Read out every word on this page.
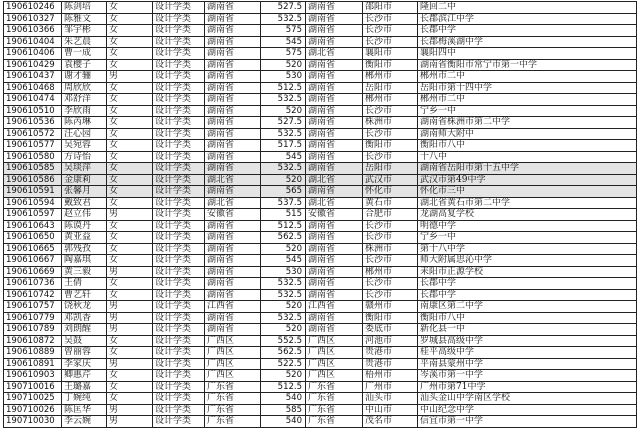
190610246	陈剑培	女	设计学类	湖南省	527.5	湖南省	邵阳市	隆回二中
190610327	陈雅文	女	设计学类	湖南省	532.5	湖南省	长沙市	长郡滨江中学
190610366	邹宇彬	女	设计学类	湖南省	575	湖南省	长沙市	长郡中学
190610404	朱艺晨	女	设计学类	湖南省	545	湖南省	长沙市	长郡梅溪湖中学
190610406	曹一成	女	设计学类	湖南省	575	湖北省	襄阳市	襄阳四中
190610429	袁樱子	女	设计学类	湖南省	520	湖南省	衡阳市	湖南省衡阳市常宁市第一中学
190610437	谢才骊	男	设计学类	湖南省	530	湖南省	郴州市	郴州市二中
190610468	周欣欣	女	设计学类	湖南省	512.5	湖南省	岳阳市	岳阳市第十四中学
190610474	邓舒洋	女	设计学类	湖南省	532.5	湖南省	郴州市	郴州市二中
190610510	李欣雨	女	设计学类	湖南省	520	湖南省	长沙市	宁乡一中
190610536	陈芮琳	女	设计学类	湖南省	527.5	湖南省	株洲市	湖南省株洲市第二中学
190610572	汪心园	女	设计学类	湖南省	532.5	湖南省	长沙市	湖南师大附中
190610577	吴宛蓉	女	设计学类	湖南省	517.5	湖南省	衡阳市	衡阳市八中
190610580	方诗怡	女	设计学类	湖南省	545	湖南省	长沙市	十八中
190610585	吴琰萍	女	设计学类	湖南省	532.5	湖南省	岳阳市	湖南省岳阳市第十五中学
190610586	金康莉	女	设计学类	湖北省	520	湖北省	武汉市	武汉市第49中学
190610591	张馨月	女	设计学类	湖南省	565	湖南省	怀化市	怀化市三中
190610594	戴致君	女	设计学类	湖北省	537.5	湖北省	黄石市	湖北省黄石市第二中学
190610597	赵立伟	男	设计学类	安徽省	515	安徽省	合肥市	龙湖高复学校
190610643	陈谟丹	女	设计学类	湖南省	512.5	湖南省	长沙市	明德中学
190610650	黄亚益	女	设计学类	湖南省	562.5	湖南省	长沙市	宁乡一中
190610665	郭残孜	女	设计学类	湖南省	520	湖南省	株洲市	第十八中学
190610667	陶嘉琪	女	设计学类	湖南省	545	湖南省	长沙市	师大附属思沁中学
190610669	黄三毅	男	设计学类	湖南省	530	湖南省	郴州市	耒阳市正源学校
190610736	王倩	女	设计学类	湖南省	532.5	湖南省	长沙市	长郡中学
190610742	曹艺轩	女	设计学类	湖南省	532.5	湖南省	长沙市	长郡中学
190610757	饶秋龙	男	设计学类	江西省	520	江西省	赣州市	南康区第二中学
190610779	邓凯香	男	设计学类	湖南省	532.5	湖南省	衡阳市	衡阳市八中
190610789	刘朗醒	男	设计学类	湖南省	520	湖南省	娄底市	新化县一中
190610872	吴鼓	女	设计学类	广西区	552.5	广西区	河池市	罗城县高级中学
190610889	曾丽蓉	女	设计学类	广西区	562.5	广西区	贵港市	桂平高级中学
190610891	李家庆	男	设计学类	广西区	522.5	广西区	贵港市	平南县蒙州中学
190610903	卿惠芹	女	设计学类	广西区	520	广西区	梧州市	岑溪市第一中学
190710016	王璐嘉	女	设计学类	广东省	512.5	广东省	广州市	广州市第71中学
190710025	丁婉纯	女	设计学类	广东省	540	广东省	汕头市	汕头金山中学南区学校
190710026	陈匡华	男	设计学类	广东省	585	广东省	中山市	中山纪念中学
190710030	李云婉	男	设计学类	广东省	540	广东省	茂名市	信宜市第一中学
